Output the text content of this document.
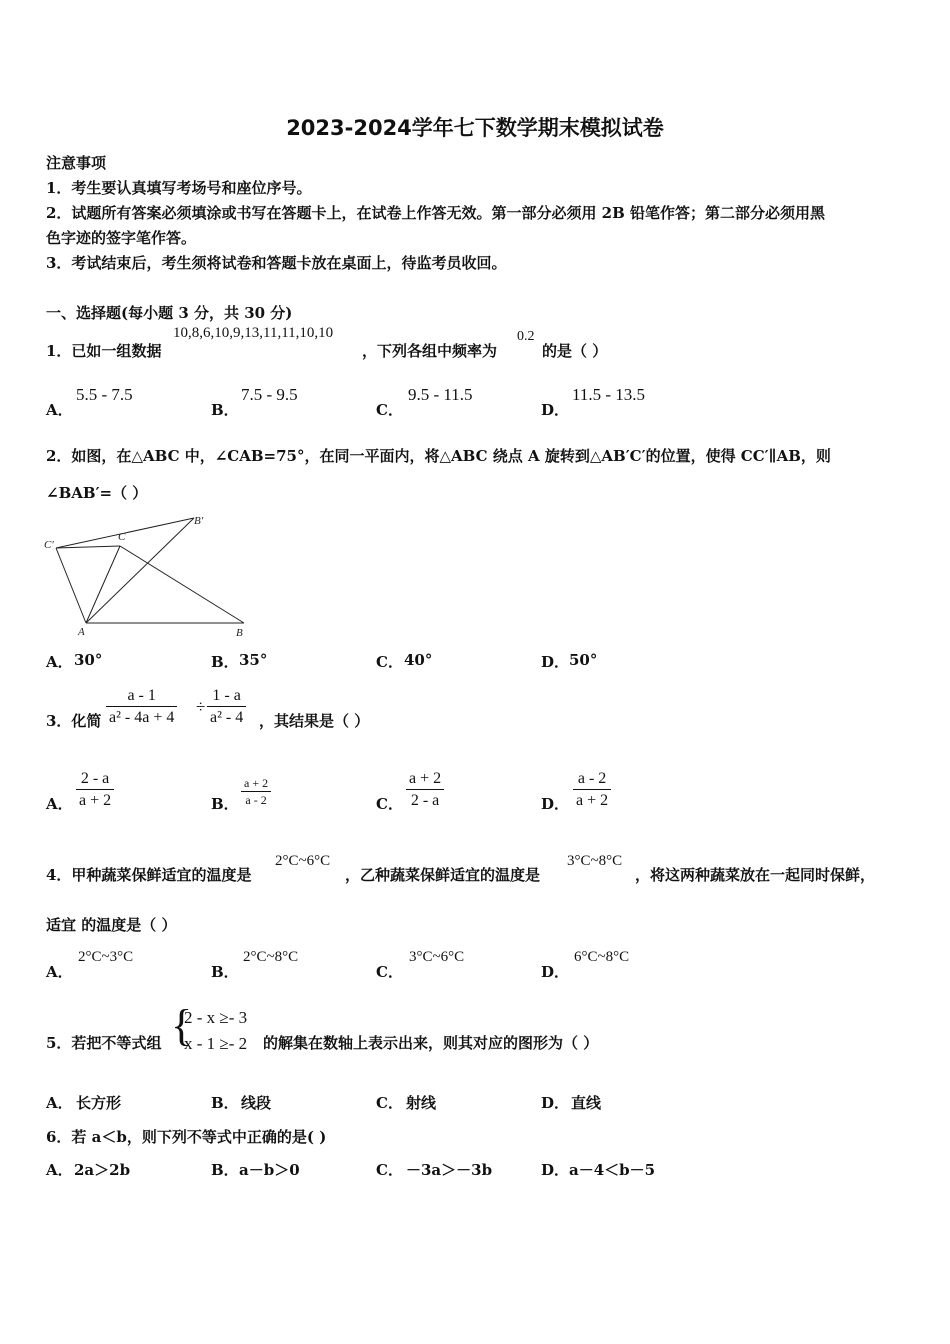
2023-2024学年七下数学期末模拟试卷
注意事项
1．考生要认真填写考场号和座位序号。
2．试题所有答案必须填涂或书写在答题卡上，在试卷上作答无效。第一部分必须用 2B 铅笔作答；第二部分必须用黑
色字迹的签字笔作答。
3．考试结束后，考生须将试卷和答题卡放在桌面上，待监考员收回。
一、选择题(每小题 3 分，共 30 分)
1．已如一组数据
10,8,6,10,9,13,11,11,10,10
，下列各组中频率为
0.2
的是（ ）
A．
5.5 - 7.5
B．
7.5 - 9.5
C．
9.5 - 11.5
D．
11.5 - 13.5
2．如图，在△ABC 中，∠CAB=75°，在同一平面内，将△ABC 绕点 A 旋转到△AB′C′的位置，使得 CC′∥AB，则
∠BAB′=（ ）
C′
C
B′
A	B
A． 30°	B． 35°	C． 40°	D． 50°
3．化简 $\frac{a - 1}{\text{a² - 4a + 4}} \div \frac{1 - a}{\text{a² - 4}}$ ，其结果是（ ）
A． $\frac{2 - a}{a + 2}$	B． $\frac{a + 2}{a - 2}$	C． $\frac{a + 2}{2 - a}$	D． $\frac{a - 2}{a + 2}$
4．甲种蔬菜保鲜适宜的温度是
2°C~6°C
，乙种蔬菜保鲜适宜的温度是
3°C~8°C
，将这两种蔬菜放在一起同时保鲜，
适宜 的温度是（ ）
A．
2°C~3°C
B．
2°C~8°C
C．
3°C~6°C
D．
6°C~8°C
5．若把不等式组 {
2 - x ≥- 3
x - 1 ≥- 2 的解集在数轴上表示出来，则其对应的图形为（ ）
A． 长方形	B． 线段	C． 射线	D． 直线
6．若 a＜b，则下列不等式中正确的是( )
A． 2a＞2b	B． a－b＞0	C． －3a＞－3b	D． a－4＜b－5
